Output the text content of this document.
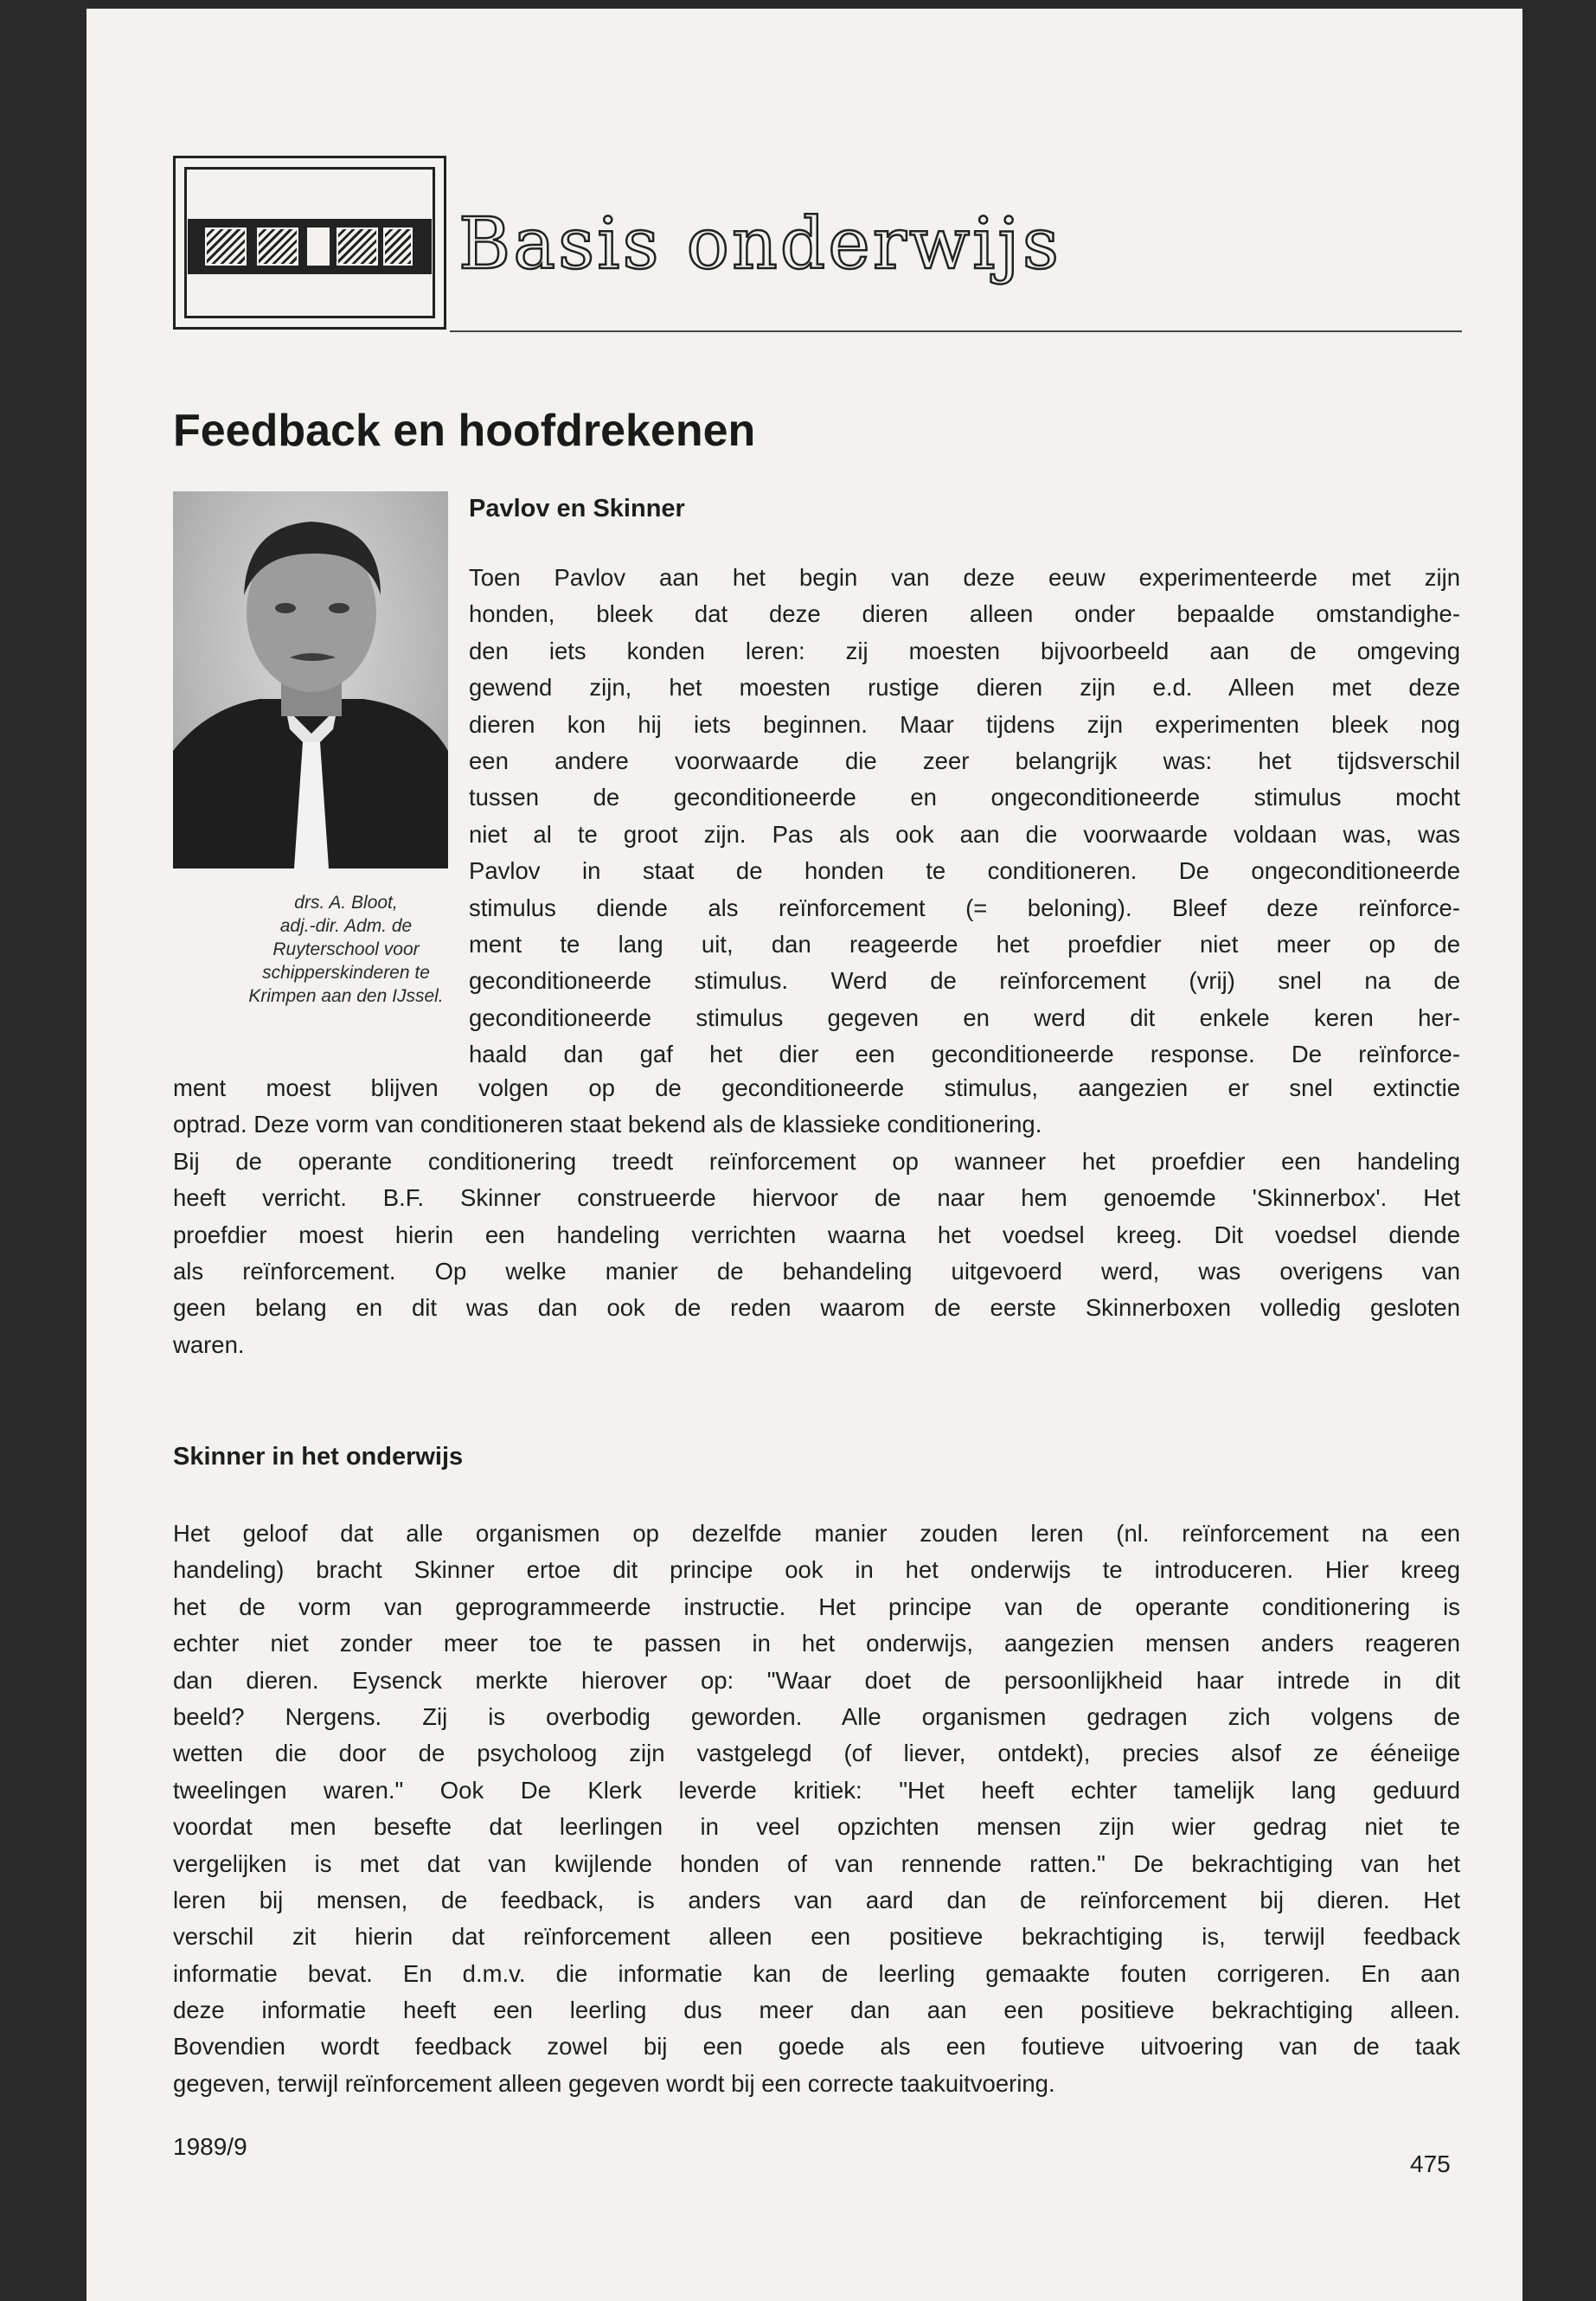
Basis onderwijs
Feedback en hoofdrekenen
drs. A. Bloot,
adj.-dir. Adm. de
Ruyterschool voor
schipperskinderen te
Krimpen aan den IJssel.
Pavlov en Skinner
Toen Pavlov aan het begin van deze eeuw experimenteerde met zijn
honden, bleek dat deze dieren alleen onder bepaalde omstandighe-
den iets konden leren: zij moesten bijvoorbeeld aan de omgeving
gewend zijn, het moesten rustige dieren zijn e.d. Alleen met deze
dieren kon hij iets beginnen. Maar tijdens zijn experimenten bleek nog
een andere voorwaarde die zeer belangrijk was: het tijdsverschil
tussen de geconditioneerde en ongeconditioneerde stimulus mocht
niet al te groot zijn. Pas als ook aan die voorwaarde voldaan was, was
Pavlov in staat de honden te conditioneren. De ongeconditioneerde
stimulus diende als reïnforcement (= beloning). Bleef deze reïnforce-
ment te lang uit, dan reageerde het proefdier niet meer op de
geconditioneerde stimulus. Werd de reïnforcement (vrij) snel na de
geconditioneerde stimulus gegeven en werd dit enkele keren her-
haald dan gaf het dier een geconditioneerde response. De reïnforce-
ment moest blijven volgen op de geconditioneerde stimulus, aangezien er snel extinctie
optrad. Deze vorm van conditioneren staat bekend als de klassieke conditionering.
Bij de operante conditionering treedt reïnforcement op wanneer het proefdier een handeling
heeft verricht. B.F. Skinner construeerde hiervoor de naar hem genoemde 'Skinnerbox'. Het
proefdier moest hierin een handeling verrichten waarna het voedsel kreeg. Dit voedsel diende
als reïnforcement. Op welke manier de behandeling uitgevoerd werd, was overigens van
geen belang en dit was dan ook de reden waarom de eerste Skinnerboxen volledig gesloten
waren.
Skinner in het onderwijs
Het geloof dat alle organismen op dezelfde manier zouden leren (nl. reïnforcement na een
handeling) bracht Skinner ertoe dit principe ook in het onderwijs te introduceren. Hier kreeg
het de vorm van geprogrammeerde instructie. Het principe van de operante conditionering is
echter niet zonder meer toe te passen in het onderwijs, aangezien mensen anders reageren
dan dieren. Eysenck merkte hierover op: "Waar doet de persoonlijkheid haar intrede in dit
beeld? Nergens. Zij is overbodig geworden. Alle organismen gedragen zich volgens de
wetten die door de psycholoog zijn vastgelegd (of liever, ontdekt), precies alsof ze ééneiige
tweelingen waren." Ook De Klerk leverde kritiek: "Het heeft echter tamelijk lang geduurd
voordat men besefte dat leerlingen in veel opzichten mensen zijn wier gedrag niet te
vergelijken is met dat van kwijlende honden of van rennende ratten." De bekrachtiging van het
leren bij mensen, de feedback, is anders van aard dan de reïnforcement bij dieren. Het
verschil zit hierin dat reïnforcement alleen een positieve bekrachtiging is, terwijl feedback
informatie bevat. En d.m.v. die informatie kan de leerling gemaakte fouten corrigeren. En aan
deze informatie heeft een leerling dus meer dan aan een positieve bekrachtiging alleen.
Bovendien wordt feedback zowel bij een goede als een foutieve uitvoering van de taak
gegeven, terwijl reïnforcement alleen gegeven wordt bij een correcte taakuitvoering.
1989/9
475
